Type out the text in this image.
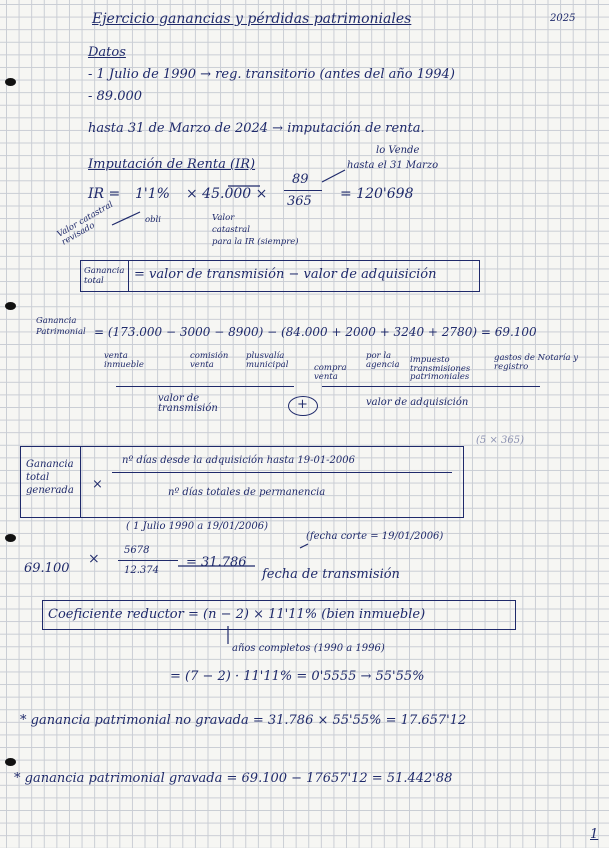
Ejercicio ganancias y pérdidas patrimoniales	2025
Datos
- 1 Julio de 1990 → reg. transitorio (antes del año 1994)
- 89.000
hasta 31 de Marzo de 2024 → imputación de renta.
Imputación de Renta (IR)
lo Vende
hasta el 31 Marzo
IR = 1'1% × 45.000 ×
89
365 = 120'698
obli
Valor catastral revisado
Valor
catastral
para la IR (siempre)
Ganancia total	= valor de transmisión − valor de adquisición
Ganancia Patrimonial = (173.000 − 3000 − 8900) − (84.000 + 2000 + 3240 + 2780) = 69.100
venta inmueble
comisión venta
plusvalía municipal	compra venta
por la agencia impuesto transmisiones patrimoniales
gastos de Notaría y registro
valor de transmisión
valor de adquisición
+
Ganancia total generada	×
nº días desde la adquisición hasta 19-01-2006
nº días totales de permanencia
(5 × 365)
( 1 Julio 1990 a 19/01/2006)
(fecha corte = 19/01/2006)
69.100
×
5678
12.374
= 31.786
fecha de transmisión
Coeficiente reductor = (n − 2) × 11'11% (bien inmueble)
años completos (1990 a 1996)
= (7 − 2) · 11'11% = 0'5555 → 55'55%
* ganancia patrimonial no gravada = 31.786 × 55'55% = 17.657'12
* ganancia patrimonial gravada = 69.100 − 17657'12 = 51.442'88
1
